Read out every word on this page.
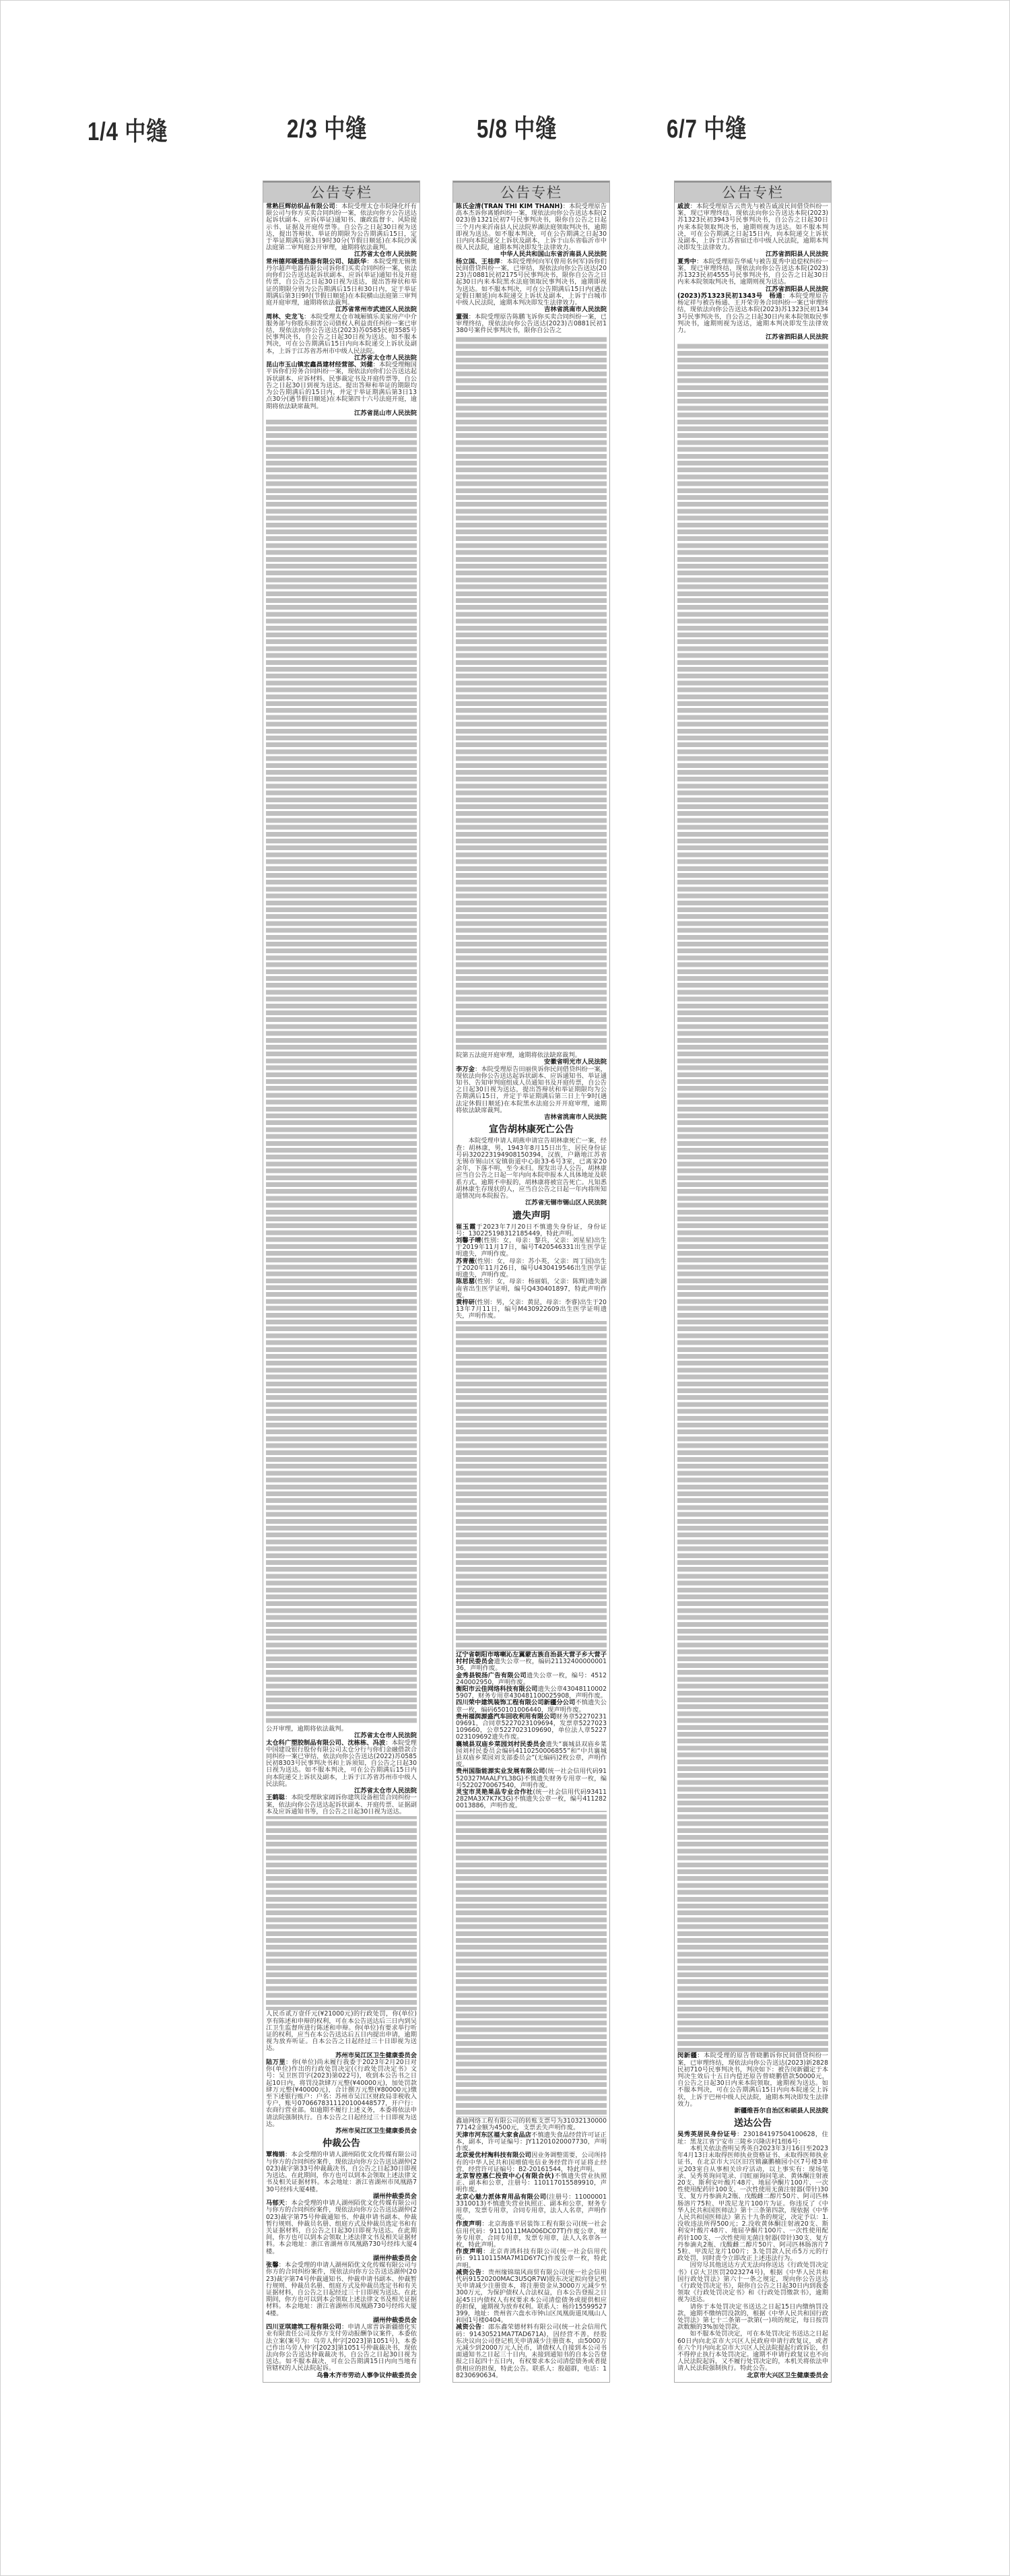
1/4 中缝	2/3 中缝	5/8 中缝	6/7 中缝
公告专栏

常熟巨辉纺织品有限公司：本院受理太仓市院隆化纤有限公司与你方买卖合同纠纷一案，依法向你方公告送达起诉状副本、应诉(举证)通知书、廉政监督卡、风险提示书、证据及开庭传票等。自公告之日起30日视为送达，提出答辩状、举证的期限为公告期满后15日，定于举证期满后第3日9时30分(节假日顺延)在本院沙溪法庭第二审判庭公开审理，逾期将依法裁判。

江苏省太仓市人民法院

常州德邦暖通热器有限公司、陆跃华：本院受理无锡奥丹尔超声电器有限公司诉你们买卖合同纠纷一案，依法向你们公告送达起诉状副本、应诉(举证)通知书及开庭传票，自公告之日起30日视为送达，提出答辩状和举证的期限分别为公告期满后15日和30日内，定于举证期满后第3日9时(节假日顺延)在本院横山法庭第三审判庭开庭审理，逾期将依法裁判。

江苏省常州市武进区人民法院

周林、史龙飞：本院受理太仓市城厢镇乐美家房产中介服务部与你股东损害公司债权人利益责任纠纷一案已审结，现依法向你公告送达(2023)苏0585民初3585号民事判决书，自公告之日起30日视为送达。如不服本判决，可在公告期满后15日内向本院递交上诉状及副本，上诉于江苏省苏州市中级人民法院。

江苏省太仓市人民法院

昆山市玉山镇宏鑫昌建材经营部、刘健：本院受理鲍国平诉你们劳务合同纠纷一案，现依法向你们公告送达起诉状副本、应诉材料、民事裁定书及开庭传票等，自公告之日起30日到视为送达。提出答辩和举证的期限均为公告期满后的15日内，并定于举证期满后第3日13点30分(遇节假日顺延)在本院第四十六号法庭开庭，逾期将依法缺席裁判。

江苏省昆山市人民法院

公开审理，逾期将依法裁判。

江苏省太仓市人民法院

太仓科广塑胶制品有限公司、沈栋栋、冯波：本院受理中国建设银行股份有限公司太仓分行与你们金融借款合同纠纷一案已审结，依法向你公告送达(2022)苏0585民初8303号民事判决书和上诉须知，自公告之日起30日视为送达。如不服本判决，可在公告期满后15日内向本院递交上诉状及副本，上诉于江苏省苏州市中级人民法院。

江苏省太仓市人民法院

王鹤聪：本院受理耿家阔诉你建筑设备租赁合同纠纷一案，依法向你公告送达起诉状副本、开庭传票、证据副本及应诉通知书等，自公告之日起30日视为送达。

人民币贰万壹仟元(¥21000元)的行政处罚，你(单位)享有陈述和申辩的权利，可在本公告送达后三日内到吴江卫生监督所进行陈述和申辩。你(单位)有要求举行听证的权利，应当在本公告送达后五日内提出申请，逾期视为放弃听证。自本公告之日起经过三十日即视为送达。

苏州市吴江区卫生健康委员会

陆万里：你(单位)尚未履行我委于2023年2月20日对你(单位)作出的行政处罚决定(《行政处罚决定书》文号：吴卫医罚字(2023)第022号)，收到本公告书之日起10日内，将罚没款肆万元整(¥40000元)，加处罚款肆万元整(¥40000元)，合计捌万元整(¥80000元)缴至下述银行账户：户名：苏州市吴江区财政局非税收入专户，账号0706678311120100448577，开户行：农商行营业部。如逾期不履行上述义务，本委将依法申请法院强制执行。自本公告之日起经过三十日即视为送达。

苏州市吴江区卫生健康委员会
仲裁公告

覃梅娟：本会受理的申请人湖州陌优文化传媒有限公司与你方的合同纠纷案件，现依法向你方公告送达湖仲(2023)裁字第33号仲裁裁决书，自公告之日起30日即视为送达。在此期间，你方也可以到本会领取上述法律文书及相关证据材料。本会地址：浙江省湖州市凤凰路730号经纬大厦4楼。

湖州仲裁委员会

马郁天：本会受理的申请人湖州陌优文化传媒有限公司与你方的合同纠纷案件，现依法向你方公告送达湖仲(2023)裁字第75号仲裁通知书、仲裁申请书副本、仲裁暂行规则、仲裁员名册、组庭方式及仲裁员选定书和有关证据材料，自公告之日起30日即视为送达。在此期间，你方也可以到本会领取上述法律文书及相关证据材料。本会地址：浙江省湖州市凤凰路730号经纬大厦4楼。

湖州仲裁委员会

张馨：本会受理的申请人湖州陌优文化传媒有限公司与你方的合同纠纷案件，现依法向你方公告送达湖仲(2023)裁字第74号仲裁通知书、仲裁申请书副本、仲裁暂行规则、仲裁员名册、组庭方式及仲裁员选定书和有关证据材料，自公告之日起经过三十日即视为送达。在此期间，你方也可以到本会领取上述法律文书及相关证据材料。本会地址：浙江省湖州市凤凰路730号经纬大厦4楼。

湖州仲裁委员会

四川亚琪建筑工程有限公司：申请人席晋诉新疆德化实业有限责任公司及你方支付劳动报酬争议案件，本委依法立案(案号为：乌劳人仲字[2023]第1051号)，本委已作出乌劳人仲字[2023]第1051号仲裁裁决书，现依法向你公告送达仲裁裁决书，自公告之日起30日视为送达。如不服本裁决，可在公告期满15日内向当地有管辖权的人民法院起诉。

乌鲁木齐市劳动人事争议仲裁委员会
公告专栏

陈氏金清(TRAN THI KIM THANH)：本院受理原告高本杰诉你离婚纠纷一案，现依法向你公告送达本院(2023)鲁1321民初7号民事判决书，限你自公告之日起三个月内来沂南县人民法院界湖法庭领取判决书，逾期即视为送达。如不服本判决，可在公告期满之日起30日内向本院递交上诉状及副本，上诉于山东省临沂市中级人民法院，逾期本判决即发生法律效力。

中华人民共和国山东省沂南县人民法院

杨立国、王桂萍：本院受理何向军(曾用名何军)诉你们民间借贷纠纷一案，已审结，现依法向你公告送达(2023)吉0881民初2175号民事判决书，限你自公告之日起30日内来本院黑水法庭领取民事判决书，逾期即视为送达。如不服本判决，可在公告期满后15日内(遇法定假日顺延)向本院递交上诉状及副本，上诉于白城市中级人民法院，逾期本判决即发生法律效力。

吉林省洮南市人民法院

董强：本院受理原告陈鹏飞诉你买卖合同纠纷一案，已审理终结，现依法向你公告送达(2023)吉0881民初1380号案件民事判决书，限你自公告之

院第五法庭开庭审理，逾期将依法缺席裁判。

安徽省明光市人民法院

李万金：本院受理原告田丽侠诉你民间借贷纠纷一案，现依法向你公告送达起诉状副本、应诉通知书、举证通知书、告知审判庭组成人员通知书及开庭传票，自公告之日起30日视为送达，提出答辩状和举证期限均为公告期满后15日，并定于举证期满后第三日上午9时(遇法定休假日顺延)在本院黑水法庭公开开庭审理，逾期将依法缺席裁判。

吉林省洮南市人民法院
宣告胡林康死亡公告

本院受理申请人胡燕申请宣告胡林康死亡一案，经查：胡林康，男，1943年8月15日出生，居民身份证号码320223194908150394，汉族，户籍地江苏省无锡市锡山区安镇街道中心街33-6号3室，已离家20余年，下落不明，至今未归。现发出寻人公告，胡林康应当自公告之日起一年内向本院申报本人具体地址及联系方式。逾期不申报的，胡林康将被宣告死亡。凡知悉胡林康生存现状的人，应当自公告之日起一年内将所知道情况向本院报告。

江苏省无锡市锡山区人民法院
遗失声明

崔玉霞于2023年7月20日不慎遗失身份证，身份证号：130225198312185449，特此声明。

刘馨子晴(性别：女，母亲：黎兵，父亲：刘星星)出生于2019年11月17日，编号T420546331出生医学证明遗失，声明作废。

苏青薇(性别：女，母亲：苏小英，父亲：周丁国)出生于2020年11月26日，编号U430419546出生医学证明遗失，声明作废。

陈思罂(性别：女，母亲：杨丽娟，父亲：陈辉)遗失湖南省出生医学证明，编号Q430401897，特此声明作废。

黄梓研(性别：男，父亲：黄昆，母亲：李睿)出生于2013年7月11日，编号M430922609出生医学证明遗失，声明作废。

辽宁省朝阳市喀喇沁左翼蒙古族自治县大营子乡大营子村村民委员会遗失公章一枚，编码2113240000000136，声明作废。

金秀县锐扬广告有限公司遗失公章一枚，编号：4512240002950，声明作废。

衡阳市云佳网络科技有限公司遗失公章430481100025907，财务专用章430481100025908，声明作废。

四川荣中建筑装饰工程有限公司新疆分公司不慎遗失公章一枚，编码650101006440，现声明作废。

贵州福润源盛汽车回收利用有限公司财务章5227023109691，合同章5227023109694，发票章5227023109660，公章5227023109690，单位法人章5227023109692遗失作废。

襄城县双庙乡菜园刘村民委员会遗失“襄城县双庙乡菜园刘村民委员会编码4110250006855”和“中共襄城县双庙乡菜园刘支部委员会”(无编码)2枚公章，声明作废。

贵州国脂能源实业发展有限公司(统一社会信用代码91520327MAALFYL38G)不慎遗失财务专用章一枚，编号5220270067540，声明作废。

灵宝市灵艳果品专业合作社(统一社会信用代码93411282MA3X7K7K3G)不慎遗失公章一枚，编号4112820013886，声明作废。

鑫迪网络工程有限公司的转账支票号为3103213000077142金额为4500元，支票丢失声明作废。

天津市河东区福大家食品店不慎遗失食品经营许可证正本，副本，许可证编号：JY11201020007730，声明作废。

北京爱优村淘科技有限公司因业务调整需要，公司所持有的中华人民共和国增值电信业务经营许可证将止经营，经营许可证编号：B2-20161544，特此声明。

北京智控惠仁投资中心(有限合伙)不慎遗失营业执照正、副本和公章，注册号：110117015589910，声明作废。

北京心魅力派体育用品有限公司(注册号：110000013310013)不慎遗失营业执照正、副本和公章，财务专用章，发票专用章，合同专用章，法人人名章，声明作废。

作废声明：北京海盛平居装饰工程有限公司(统一社会信用代码：91110111MA006DC07T)作废公章，财务专用章，合同专用章，发票专用章，法人人名章各一枚，特此声明。

作废声明：北京青鸿科技有限公司(统一社会信用代码：91110115MA7M1D6Y7C)作废公章一枚，特此声明。

减资公告：贵州缘锦瑞风商贸有限公司(统一社会信用代码91520200MAC3U5QR7W)股东决定拟向登记机关申请减少注册资本，将注册资金从3000万元减少至300万元，为保护债权人合法权益，自本公告登报之日起45日内债权人有权要求本公司清偿债务或提供相应的担保，逾期视为放弃权利。联系人：杨玲15599527399，地址：贵州省六盘水市钟山区凤凰街道凤凰山人和园1号楼0404。

减资公告：邵东鑫荣德材料有限公司(统一社会信用代码：91430521MA7TAD671A)，因经营不善，经股东决议向公司登记机关申请减少注册资本，由5000万元减少到2000万元人民币，请债权人自接到本公司书面通知书之日起三十日内，未接到通知书的自本公告登报之日起四十五日内，有权要求本公司清偿债务或者提供相应的担保，特此公告。联系人：殷超群，电话：18230690634。

公告专栏

戚波：本院受理原告云贵先与被告戚波民间借贷纠纷一案，现已审理终结，现依法向你公告送达本院(2023)苏1323民初3943号民事判决书，自公告之日起30日内来本院领取判决书，逾期则视为送达。如不服本判决，可在公告期满之日起15日内，向本院递交上诉状及副本，上诉于江苏省宿迁市中级人民法院，逾期本判决即发生法律效力。

江苏省泗阳县人民法院

夏秀中：本院受理原告华威与被告夏秀中追偿权纠纷一案，现已审理终结，现依法向你公告送达本院(2023)苏1323民初4555号民事判决书，自公告之日起30日内来本院领取判决书，逾期则视为送达。

江苏省泗阳县人民法院

(2023)苏1323民初1343号　杨通：本院受理原告杨定祥与被告杨通、王开荣劳务合同纠纷一案已审理终结，现依法向你公告送达本院(2023)苏1323民初1343号民事判决书，自公告之日起30日内来本院领取民事判决书，逾期则视为送达，逾期本判决即发生法律效力。

江苏省泗阳县人民法院

闵新疆：本院受理的原告曾晓鹏诉你民间借贷纠纷一案，已审理终结，现依法向你公告送达(2023)新2828民初710号民事判决书，判决如下：被告闵新疆定于本判决生效后十五日内偿还原告曾晓鹏借款50000元，自公告之日起30日内来本院领取，逾期视为送达。如不服本判决，可在公告期满后15日内向本院递交上诉状，上诉于巴州中级人民法院，逾期本判决即发生法律效力。

新疆维吾尔自治区和硕县人民法院
送达公告

吴秀英居民身份证号：230184197504100628，住址：黑龙江省宁安市三陵乡兴隆店村1组6号：

本机关依法查明吴秀英自2023年3月16日至2023年4月13日未取得医师执业资格证书、未取得医师执业证书，在北京市大兴区旧宫镇瀛鹏楠园小区7号楼3单元203室自从事相关诊疗活动，以上事实有：现场笔录、吴秀英询问笔录、闫虹丽询问笔录、黄体酮注射液20支、斯利安叶酸片48片、地屈孕酮片100片、一次性使用配药针100支、一次性使用无菌注射器(带针)30支、复方丹参滴丸2瓶、戊酸雌二醇片50片、阿司匹林肠溶片75粒、甲泼尼龙片100片为证。你违反了《中华人民共和国医师法》第十三条第四款，现依据《中华人民共和国医师法》第五十九条的规定，决定予以：1.没收违法所得500元；2.没收黄体酮注射液20支、斯利安叶酸片48片、地屈孕酮片100片、一次性使用配药针100支、一次性使用无菌注射器(带针)30支、复方丹参滴丸2瓶、戊酸雌二醇片50片、阿司匹林肠溶片75粒、甲泼尼龙片100片；3.处罚款人民币5万元的行政处罚，同时责令立即改正上述违法行为。

因穷尽其他送达方式无法向你送达《行政处罚决定书》(京大卫医罚2023274号)，根据《中华人民共和国行政处罚法》第六十一条之规定，现向你公告送达《行政处罚决定书》，限你自公告之日起30日内到我委领取《行政处罚决定书》和《行政处罚缴款书》，逾期视为送达。

请你于本处罚决定书送达之日起15日内缴纳罚没款，逾期不缴纳罚没款的，根据《中华人民共和国行政处罚法》第七十二条第一款第(一)项的规定，每日按罚款数额的3%加处罚款。

如不服本处罚决定，可在本处罚决定书送达之日起60日内向北京市大兴区人民政府申请行政复议，或者在六个月内向北京市大兴区人民法院提起行政诉讼，但不得停止执行本处罚决定。逾期不申请行政复议也不向人民法院起诉，又不履行处罚决定的，本机关将依法申请人民法院强制执行。特此公告。

北京市大兴区卫生健康委员会
